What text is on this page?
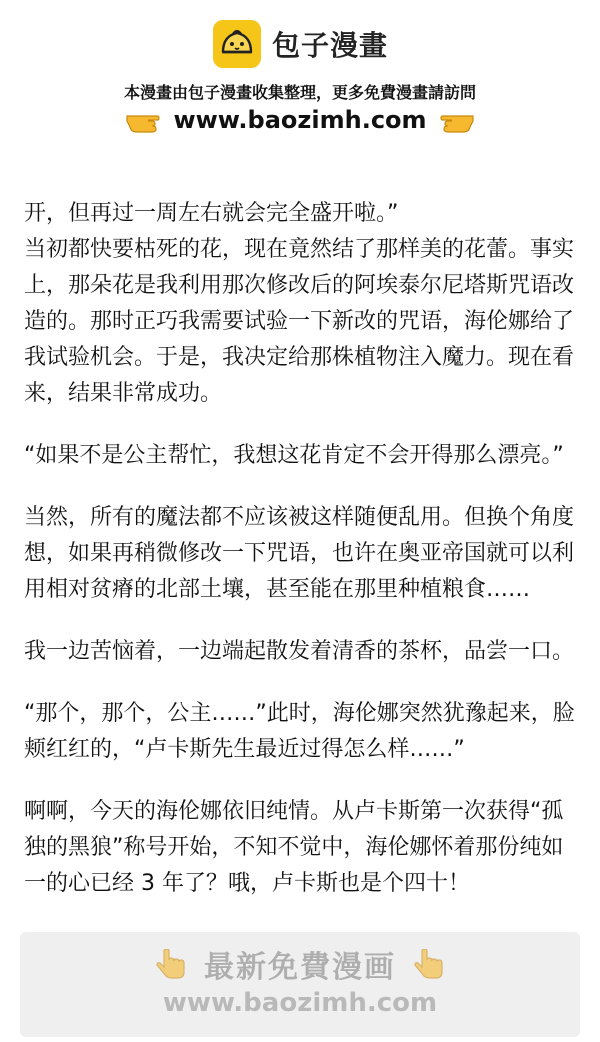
包子漫畫
本漫畫由包子漫畫收集整理，更多免費漫畫請訪問
www.baozimh.com

开，但再过一周左右就会完全盛开啦。”

当初都快要枯死的花，现在竟然结了那样美的花蕾。事实上，那朵花是我利用那次修改后的阿埃泰尔尼塔斯咒语改造的。那时正巧我需要试验一下新改的咒语，海伦娜给了我试验机会。于是，我决定给那株植物注入魔力。现在看来，结果非常成功。

“如果不是公主帮忙，我想这花肯定不会开得那么漂亮。”

当然，所有的魔法都不应该被这样随便乱用。但换个角度想，如果再稍微修改一下咒语，也许在奥亚帝国就可以利用相对贫瘠的北部土壤，甚至能在那里种植粮食……

我一边苦恼着，一边端起散发着清香的茶杯，品尝一口。

“那个，那个，公主……”此时，海伦娜突然犹豫起来，脸颊红红的，“卢卡斯先生最近过得怎么样……”

啊啊，今天的海伦娜依旧纯情。从卢卡斯第一次获得“孤独的黑狼”称号开始，不知不觉中，海伦娜怀着那份纯如一的心已经 3 年了？哦，卢卡斯也是个四十！

最新免費漫画
www.baozimh.com
